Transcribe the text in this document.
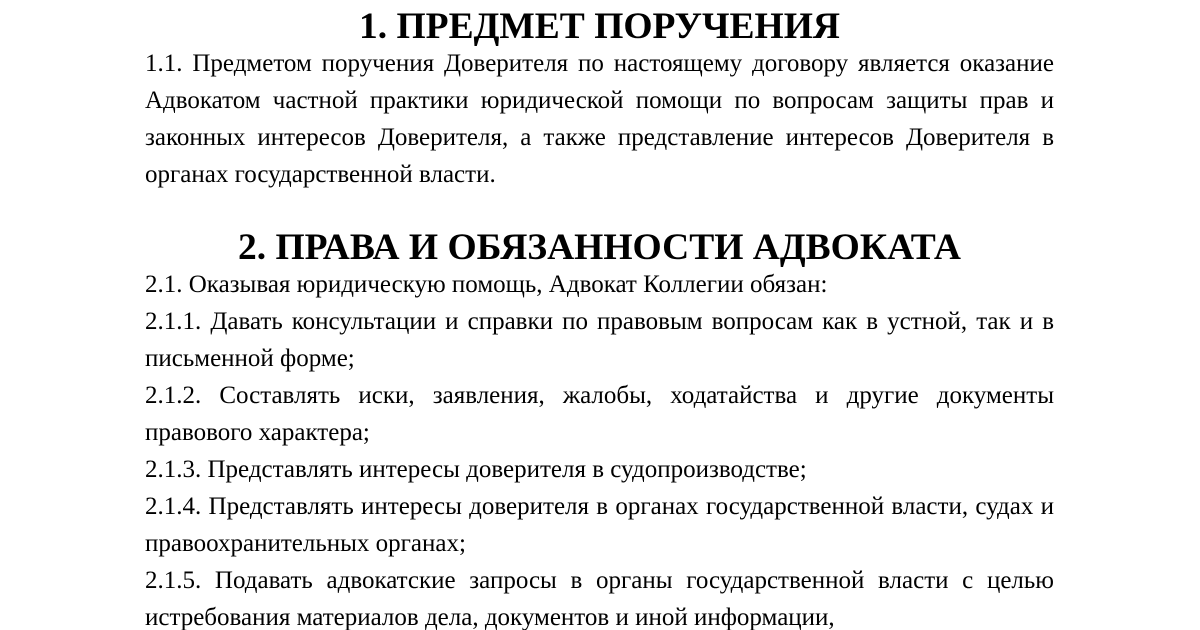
1. ПРЕДМЕТ ПОРУЧЕНИЯ

1.1. Предметом поручения Доверителя по настоящему договору является оказание Адвокатом частной практики юридической помощи по вопросам защиты прав и законных интересов Доверителя, а также представление интересов Доверителя в органах государственной власти.

2. ПРАВА И ОБЯЗАННОСТИ АДВОКАТА

2.1. Оказывая юридическую помощь, Адвокат Коллегии обязан:

2.1.1. Давать консультации и справки по правовым вопросам как в устной, так и в письменной форме;

2.1.2. Составлять иски, заявления, жалобы, ходатайства и другие документы правового характера;

2.1.3. Представлять интересы доверителя в судопроизводстве;

2.1.4. Представлять интересы доверителя в органах государственной власти, судах и правоохранительных органах;

2.1.5. Подавать адвокатские запросы в органы государственной власти с целью истребования материалов дела, документов и иной информации,
